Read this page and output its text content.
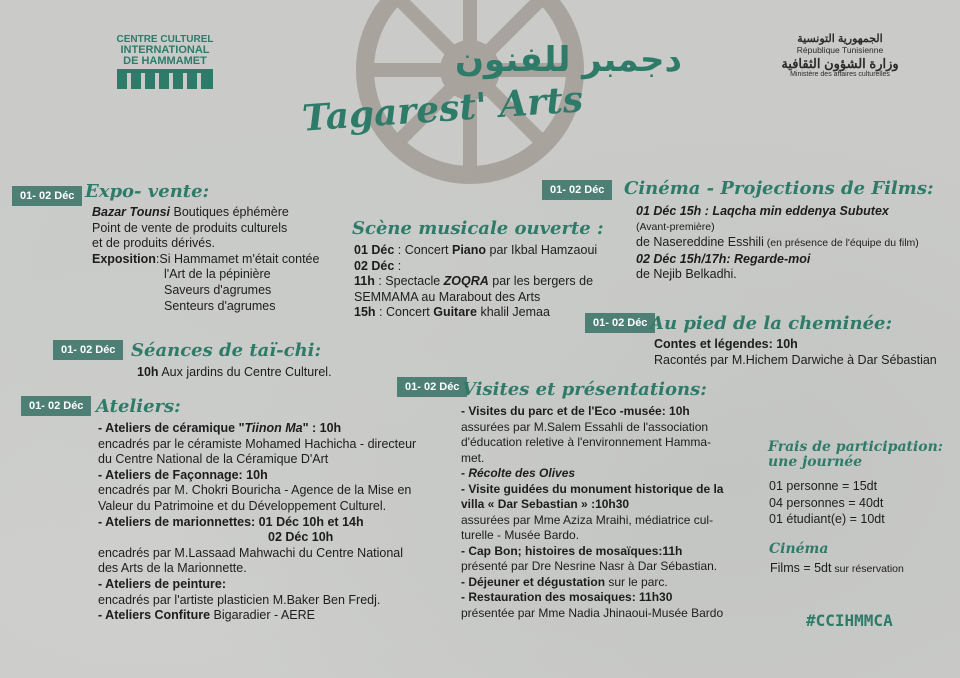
CENTRE CULTUREL
INTERNATIONAL
DE HAMMAMET	دجمبر للفنون
Tagarest' Arts
الجمهورية التونسية
République Tunisienne
وزارة الشؤون الثقافية
Ministère des affaires culturelles
01- 02 Déc Expo- vente:
Bazar Tounsi Boutiques éphémère
Point de vente de produits culturels
et de produits dérivés.
Exposition:Si Hammamet m'était contée
l'Art de la pépinière
Saveurs d'agrumes
Senteurs d'agrumes
Scène musicale ouverte :
01 Déc : Concert Piano par Ikbal Hamzaoui
02 Déc :
11h : Spectacle ZOQRA par les bergers de
SEMMAMA au Marabout des Arts
15h : Concert Guitare khalil Jemaa
01- 02 Déc	Cinéma - Projections de Films:
01 Déc 15h : Laqcha min eddenya Subutex
(Avant-première)
de Nasereddine Esshili (en présence de l'équipe du film)
02 Déc 15h/17h: Regarde-moi
de Nejib Belkadhi.
01- 02 Déc Au pied de la cheminée:
Contes et légendes: 10h
Racontés par M.Hichem Darwiche à Dar Sébastian
01- 02 Déc Séances de taï-chi:
10h Aux jardins du Centre Culturel.
01- 02 Déc Ateliers:
- Ateliers de céramique "Tiinon Ma" : 10h
encadrés par le céramiste Mohamed Hachicha - directeur
du Centre National de la Céramique D'Art
- Ateliers de Façonnage: 10h
encadrés par M. Chokri Bouricha - Agence de la Mise en
Valeur du Patrimoine et du Développement Culturel.
- Ateliers de marionnettes: 01 Déc 10h et 14h
02 Déc 10h
encadrés par M.Lassaad Mahwachi du Centre National
des Arts de la Marionnette.
- Ateliers de peinture:
encadrés par l'artiste plasticien M.Baker Ben Fredj.
- Ateliers Confiture Bigaradier - AERE
01- 02 Déc Visites et présentations:
- Visites du parc et de l'Eco -musée: 10h
assurées par M.Salem Essahli de l'association
d'éducation reletive à l'environnement Hamma-
met.
- Récolte des Olives
- Visite guidées du monument historique de la
villa « Dar Sebastian » :10h30
assurées par Mme Aziza Mraihi, médiatrice cul-
turelle - Musée Bardo.
- Cap Bon; histoires de mosaïques:11h
présenté par Dre Nesrine Nasr à Dar Sébastian.
- Déjeuner et dégustation sur le parc.
- Restauration des mosaiques: 11h30
présentée par Mme Nadia Jhinaoui-Musée Bardo
Frais de participation:
une journée
01 personne = 15dt
04 personnes = 40dt
01 étudiant(e) = 10dt
Cinéma
Films = 5dt sur réservation
#CCIHMMCA
